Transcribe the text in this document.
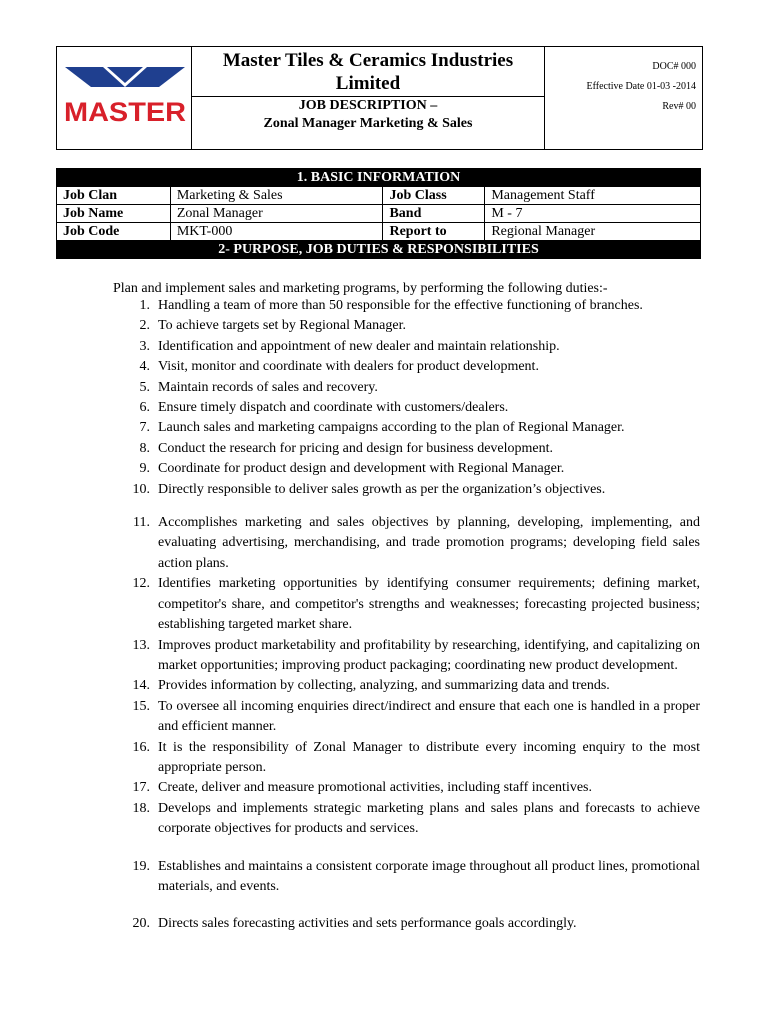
MASTER
Master Tiles & Ceramics Industries
Limited
JOB DESCRIPTION –
Zonal Manager Marketing & Sales
DOC# 000
Effective Date 01-03 -2014
Rev# 00
1. BASIC INFORMATION			
Job Clan	Marketing & Sales	Job Class	Management Staff
Job Name	Zonal Manager	Band	M - 7
Job Code	MKT-000	Report to	Regional Manager
2- PURPOSE, JOB DUTIES & RESPONSIBILITIES			
Plan and implement sales and marketing programs, by performing the following duties:-
1. Handling a team of more than 50 responsible for the effective functioning of branches.
2. To achieve targets set by Regional Manager.
3. Identification and appointment of new dealer and maintain relationship.
4. Visit, monitor and coordinate with dealers for product development.
5. Maintain records of sales and recovery.
6. Ensure timely dispatch and coordinate with customers/dealers.
7. Launch sales and marketing campaigns according to the plan of Regional Manager.
8. Conduct the research for pricing and design for business development.
9. Coordinate for product design and development with Regional Manager.
10. Directly responsible to deliver sales growth as per the organization’s objectives.
11. Accomplishes marketing and sales objectives by planning, developing, implementing, and evaluating advertising, merchandising, and trade promotion programs; developing field sales action plans.
12. Identifies marketing opportunities by identifying consumer requirements; defining market, competitor's share, and competitor's strengths and weaknesses; forecasting projected business; establishing targeted market share.
13. Improves product marketability and profitability by researching, identifying, and capitalizing on market opportunities; improving product packaging; coordinating new product development.
14. Provides information by collecting, analyzing, and summarizing data and trends.
15. To oversee all incoming enquiries direct/indirect and ensure that each one is handled in a proper and efficient manner.
16. It is the responsibility of Zonal Manager to distribute every incoming enquiry to the most appropriate person.
17. Create, deliver and measure promotional activities, including staff incentives.
18. Develops and implements strategic marketing plans and sales plans and forecasts to achieve corporate objectives for products and services.
19. Establishes and maintains a consistent corporate image throughout all product lines, promotional materials, and events.
20. Directs sales forecasting activities and sets performance goals accordingly.
